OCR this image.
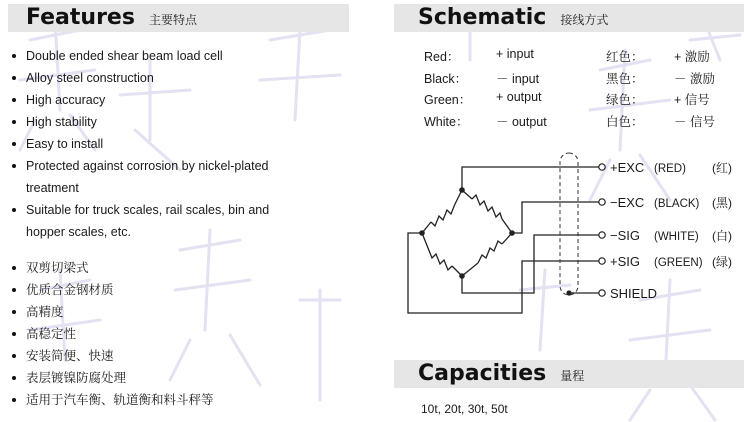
Features 主要特点
Double ended shear beam load cell
Alloy steel construction
High accuracy
High stability
Easy to install
Protected against corrosion by nickel-plated treatment
Suitable for truck scales, rail scales, bin and hopper scales, etc.
双剪切梁式
优质合金钢材质
高精度
高稳定性
安装简便、快速
表层镀镍防腐处理
适用于汽车衡、轨道衡和料斗秤等
Schematic 接线方式
Red：	+ input	红色： + 激励
Black： － input	黑色： － 激励
Green： + output	绿色： + 信号
White： － output	白色： － 信号
+EXC (RED) (红)
−EXC (BLACK) (黑)
−SIG (WHITE) (白)
+SIG (GREEN) (绿)
SHIELD
Capacities 量程
10t, 20t, 30t, 50t
